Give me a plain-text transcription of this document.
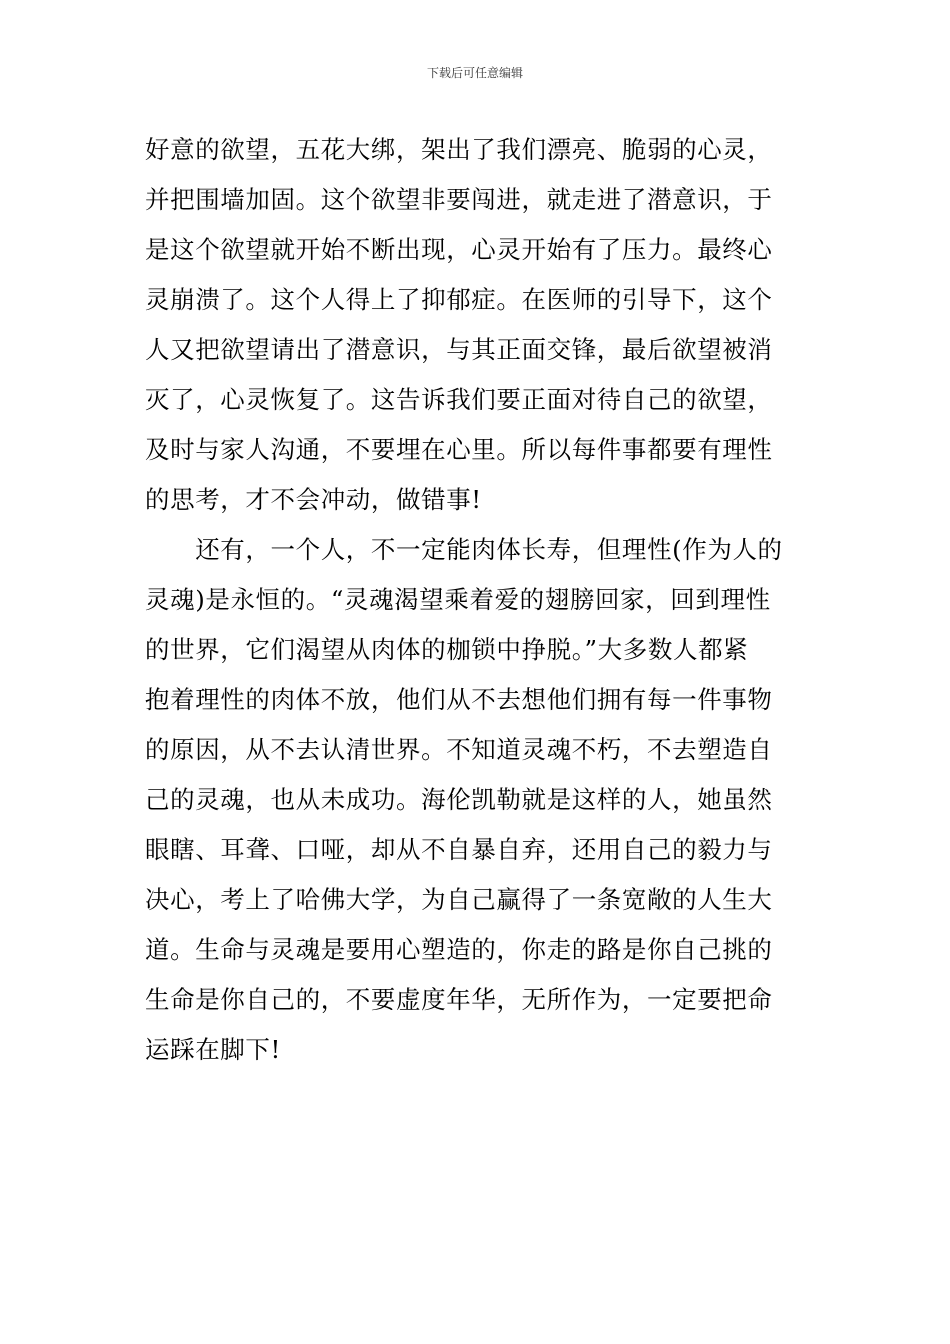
下载后可任意编辑
好意的欲望，五花大绑，架出了我们漂亮、脆弱的心灵，
并把围墙加固。这个欲望非要闯进，就走进了潜意识，于
是这个欲望就开始不断出现，心灵开始有了压力。最终心
灵崩溃了。这个人得上了抑郁症。在医师的引导下，这个
人又把欲望请出了潜意识，与其正面交锋，最后欲望被消
灭了，心灵恢复了。这告诉我们要正面对待自己的欲望，
及时与家人沟通，不要埋在心里。所以每件事都要有理性
的思考，才不会冲动，做错事!
　　还有，一个人，不一定能肉体长寿，但理性(作为人的
灵魂)是永恒的。“灵魂渴望乘着爱的翅膀回家，回到理性
的世界，它们渴望从肉体的枷锁中挣脱。”大多数人都紧
抱着理性的肉体不放，他们从不去想他们拥有每一件事物
的原因，从不去认清世界。不知道灵魂不朽，不去塑造自
己的灵魂，也从未成功。海伦凯勒就是这样的人，她虽然
眼瞎、耳聋、口哑，却从不自暴自弃，还用自己的毅力与
决心，考上了哈佛大学，为自己赢得了一条宽敞的人生大
道。生命与灵魂是要用心塑造的，你走的路是你自己挑的
生命是你自己的，不要虚度年华，无所作为，一定要把命
运踩在脚下!
